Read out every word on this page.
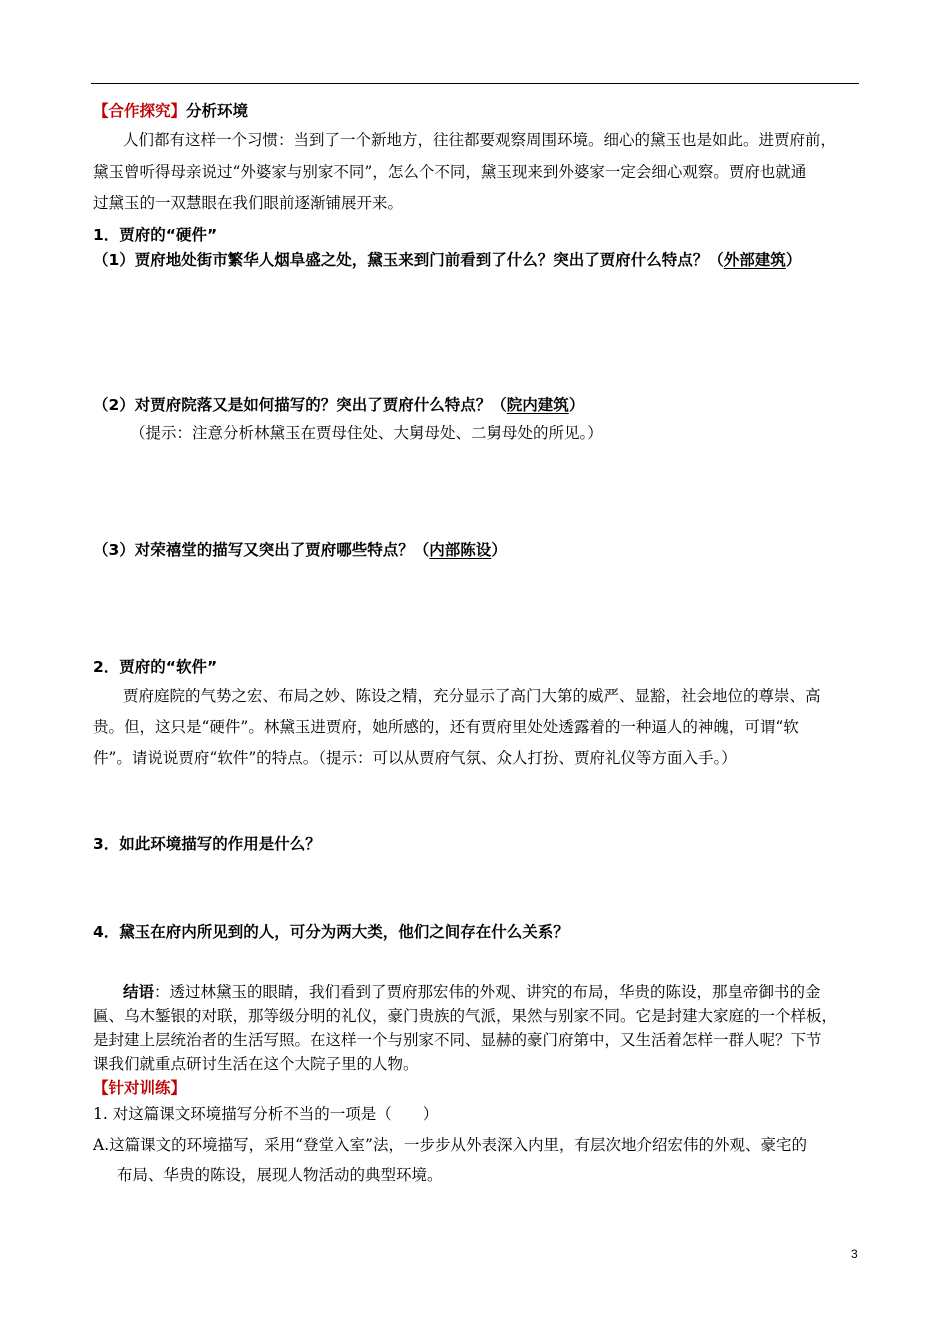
【合作探究】分析环境
人们都有这样一个习惯：当到了一个新地方，往往都要观察周围环境。细心的黛玉也是如此。进贾府前，
黛玉曾听得母亲说过“外婆家与别家不同”，怎么个不同，黛玉现来到外婆家一定会细心观察。贾府也就通
过黛玉的一双慧眼在我们眼前逐渐铺展开来。
1．贾府的“硬件”
（1）贾府地处街市繁华人烟阜盛之处，黛玉来到门前看到了什么？突出了贾府什么特点？（外部建筑）
（2）对贾府院落又是如何描写的？突出了贾府什么特点？（院内建筑）
（提示：注意分析林黛玉在贾母住处、大舅母处、二舅母处的所见。）
（3）对荣禧堂的描写又突出了贾府哪些特点？（内部陈设）
2．贾府的“软件”
贾府庭院的气势之宏、布局之妙、陈设之精，充分显示了高门大第的威严、显豁，社会地位的尊崇、高
贵。但，这只是“硬件”。林黛玉进贾府，她所感的，还有贾府里处处透露着的一种逼人的神魄，可谓“软
件”。请说说贾府“软件”的特点。（提示：可以从贾府气氛、众人打扮、贾府礼仪等方面入手。）
3．如此环境描写的作用是什么？
4．黛玉在府内所见到的人，可分为两大类，他们之间存在什么关系？
结语：透过林黛玉的眼睛，我们看到了贾府那宏伟的外观、讲究的布局，华贵的陈设，那皇帝御书的金
匾、乌木錾银的对联，那等级分明的礼仪，豪门贵族的气派，果然与别家不同。它是封建大家庭的一个样板，
是封建上层统治者的生活写照。在这样一个与别家不同、显赫的豪门府第中，又生活着怎样一群人呢？下节
课我们就重点研讨生活在这个大院子里的人物。
【针对训练】
1. 对这篇课文环境描写分析不当的一项是（　　）
A.这篇课文的环境描写，采用“登堂入室”法，一步步从外表深入内里，有层次地介绍宏伟的外观、豪宅的
布局、华贵的陈设，展现人物活动的典型环境。
3
